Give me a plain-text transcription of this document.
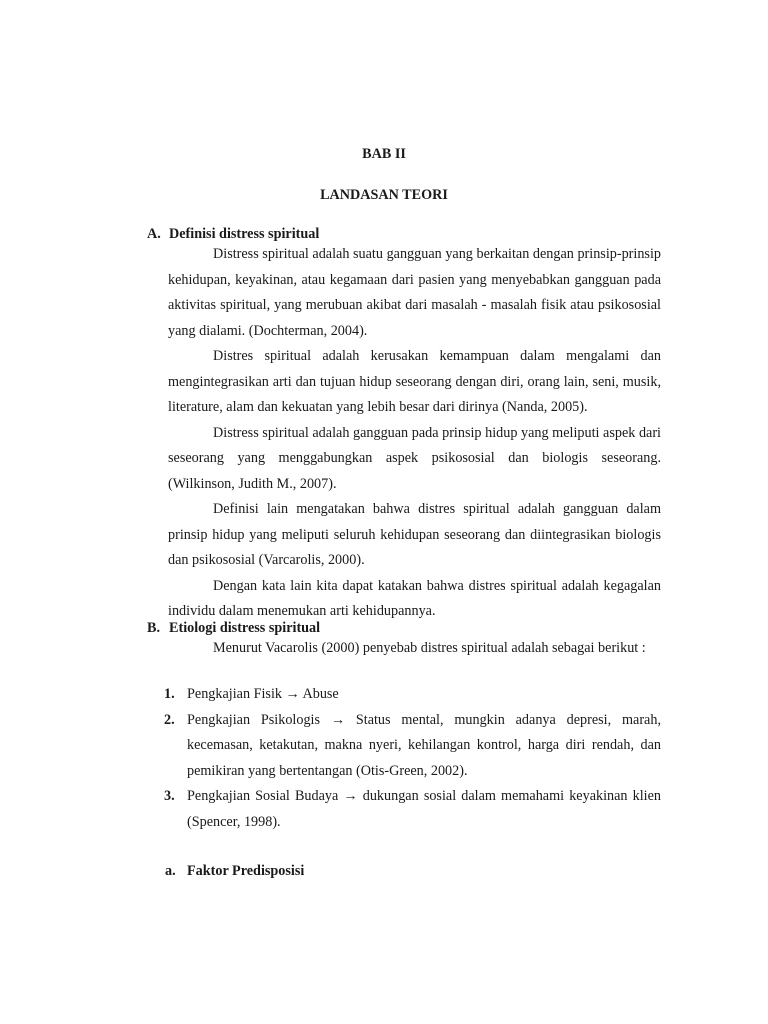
BAB II
LANDASAN TEORI
A. Definisi distress spiritual

Distress spiritual adalah suatu gangguan yang berkaitan dengan prinsip-prinsip kehidupan, keyakinan, atau kegamaan dari pasien yang menyebabkan gangguan pada aktivitas spiritual, yang merubuan akibat dari masalah - masalah fisik atau psikososial yang dialami. (Dochterman, 2004).

Distres spiritual adalah kerusakan kemampuan dalam mengalami dan mengintegrasikan arti dan tujuan hidup seseorang dengan diri, orang lain, seni, musik, literature, alam dan kekuatan yang lebih besar dari dirinya (Nanda, 2005).

Distress spiritual adalah gangguan pada prinsip hidup yang meliputi aspek dari seseorang yang menggabungkan aspek psikososial dan biologis seseorang. (Wilkinson, Judith M., 2007).

Definisi lain mengatakan bahwa distres spiritual adalah gangguan dalam prinsip hidup yang meliputi seluruh kehidupan seseorang dan diintegrasikan biologis dan psikososial (Varcarolis, 2000).

Dengan kata lain kita dapat katakan bahwa distres spiritual adalah kegagalan individu dalam menemukan arti kehidupannya.

B. Etiologi distress spiritual

Menurut Vacarolis (2000) penyebab distres spiritual adalah sebagai berikut :

1. Pengkajian Fisik → Abuse
2. Pengkajian Psikologis → Status mental, mungkin adanya depresi, marah, kecemasan, ketakutan, makna nyeri, kehilangan kontrol, harga diri rendah, dan pemikiran yang bertentangan (Otis-Green, 2002).
3. Pengkajian Sosial Budaya → dukungan sosial dalam memahami keyakinan klien (Spencer, 1998).
a. Faktor Predisposisi
